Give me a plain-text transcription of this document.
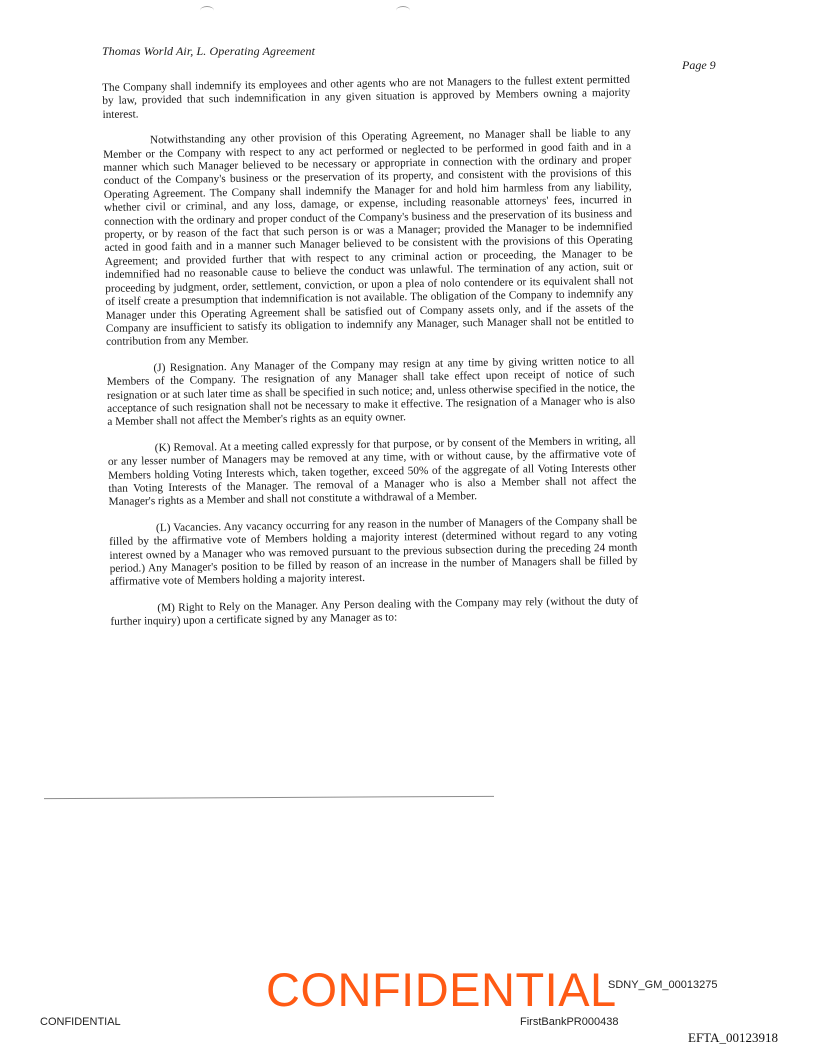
Thomas World Air, L. Operating Agreement
Page 9

The Company shall indemnify its employees and other agents who are not Managers to the fullest extent permitted by law, provided that such indemnification in any given situation is approved by Members owning a majority interest.

Notwithstanding any other provision of this Operating Agreement, no Manager shall be liable to any Member or the Company with respect to any act performed or neglected to be performed in good faith and in a manner which such Manager believed to be necessary or appropriate in connection with the ordinary and proper conduct of the Company's business or the preservation of its property, and consistent with the provisions of this Operating Agreement. The Company shall indemnify the Manager for and hold him harmless from any liability, whether civil or criminal, and any loss, damage, or expense, including reasonable attorneys' fees, incurred in connection with the ordinary and proper conduct of the Company's business and the preservation of its business and property, or by reason of the fact that such person is or was a Manager; provided the Manager to be indemnified acted in good faith and in a manner such Manager believed to be consistent with the provisions of this Operating Agreement; and provided further that with respect to any criminal action or proceeding, the Manager to be indemnified had no reasonable cause to believe the conduct was unlawful. The termination of any action, suit or proceeding by judgment, order, settlement, conviction, or upon a plea of nolo contendere or its equivalent shall not of itself create a presumption that indemnification is not available. The obligation of the Company to indemnify any Manager under this Operating Agreement shall be satisfied out of Company assets only, and if the assets of the Company are insufficient to satisfy its obligation to indemnify any Manager, such Manager shall not be entitled to contribution from any Member.

(J) Resignation. Any Manager of the Company may resign at any time by giving written notice to all Members of the Company. The resignation of any Manager shall take effect upon receipt of notice of such resignation or at such later time as shall be specified in such notice; and, unless otherwise specified in the notice, the acceptance of such resignation shall not be necessary to make it effective. The resignation of a Manager who is also a Member shall not affect the Member's rights as an equity owner.

(K) Removal. At a meeting called expressly for that purpose, or by consent of the Members in writing, all or any lesser number of Managers may be removed at any time, with or without cause, by the affirmative vote of Members holding Voting Interests which, taken together, exceed 50% of the aggregate of all Voting Interests other than Voting Interests of the Manager. The removal of a Manager who is also a Member shall not affect the Manager's rights as a Member and shall not constitute a withdrawal of a Member.

(L) Vacancies. Any vacancy occurring for any reason in the number of Managers of the Company shall be filled by the affirmative vote of Members holding a majority interest (determined without regard to any voting interest owned by a Manager who was removed pursuant to the previous subsection during the preceding 24 month period.) Any Manager's position to be filled by reason of an increase in the number of Managers shall be filled by affirmative vote of Members holding a majority interest.

(M) Right to Rely on the Manager. Any Person dealing with the Company may rely (without the duty of further inquiry) upon a certificate signed by any Manager as to:

SDNY_GM_00013275
CONFIDENTIAL
CONFIDENTIAL	FirstBankPR000438
EFTA_00123918
